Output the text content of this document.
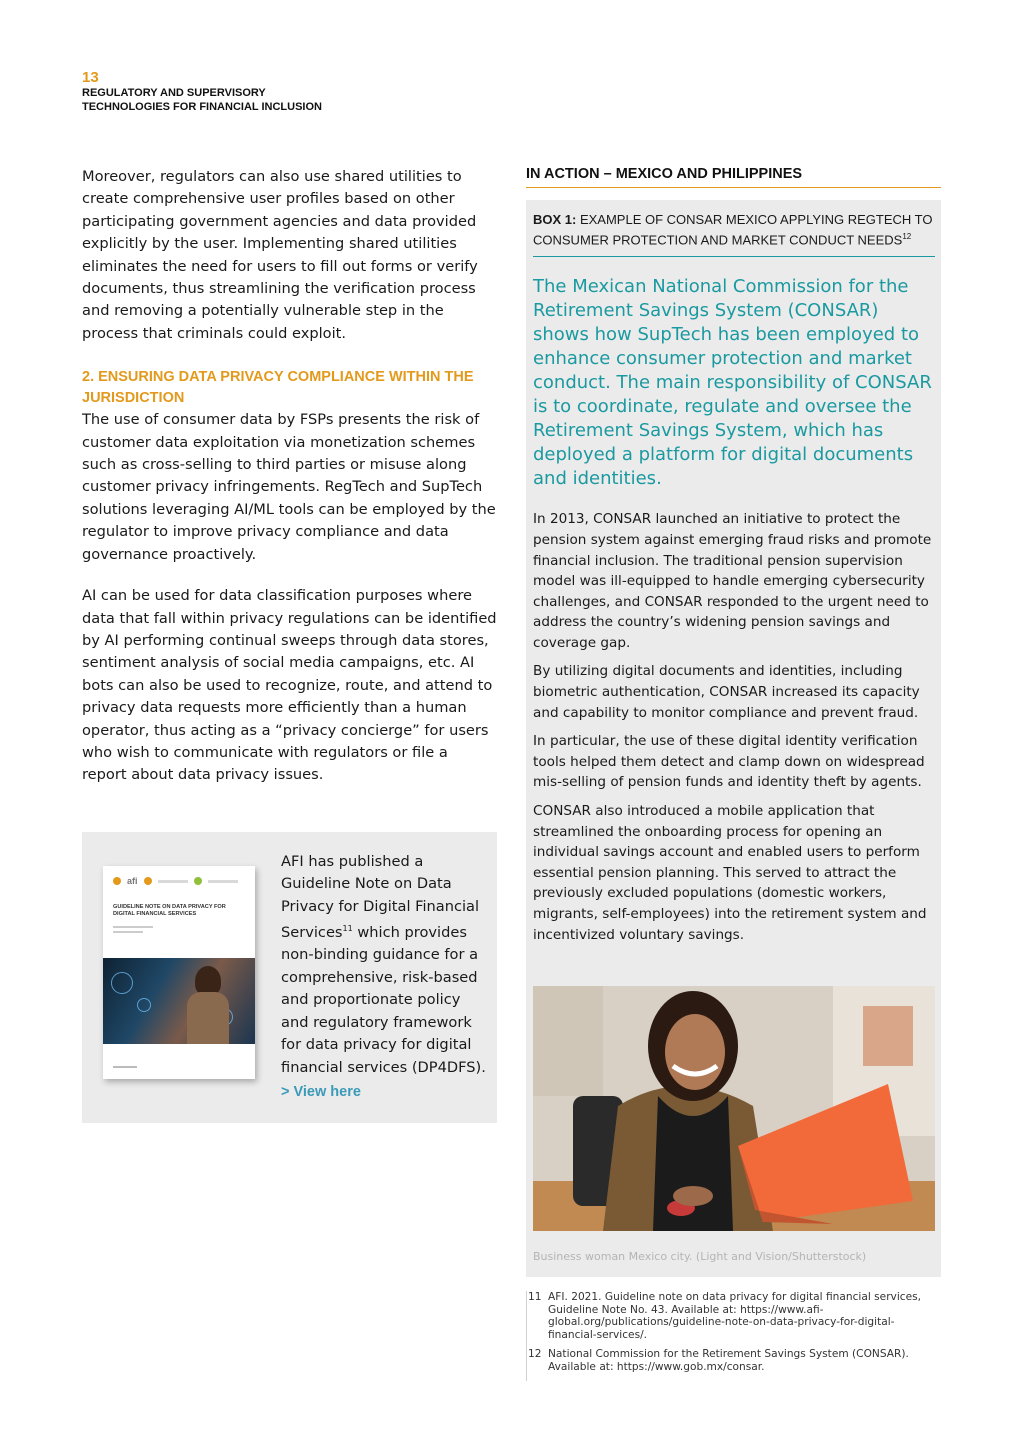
13
REGULATORY AND SUPERVISORY
TECHNOLOGIES FOR FINANCIAL INCLUSION

Moreover, regulators can also use shared utilities to create comprehensive user profiles based on other participating government agencies and data provided explicitly by the user. Implementing shared utilities eliminates the need for users to fill out forms or verify documents, thus streamlining the verification process and removing a potentially vulnerable step in the process that criminals could exploit.

2. ENSURING DATA PRIVACY COMPLIANCE WITHIN THE JURISDICTION

The use of consumer data by FSPs presents the risk of customer data exploitation via monetization schemes such as cross-selling to third parties or misuse along customer privacy infringements. RegTech and SupTech solutions leveraging AI/ML tools can be employed by the regulator to improve privacy compliance and data governance proactively.

AI can be used for data classification purposes where data that fall within privacy regulations can be identified by AI performing continual sweeps through data stores, sentiment analysis of social media campaigns, etc. AI bots can also be used to recognize, route, and attend to privacy data requests more efficiently than a human operator, thus acting as a “privacy concierge” for users who wish to communicate with regulators or file a report about data privacy issues.

afi
GUIDELINE NOTE ON DATA PRIVACY FOR DIGITAL FINANCIAL SERVICES

AFI has published a Guideline Note on Data Privacy for Digital Financial Services$^{11}$ which provides non-binding guidance for a comprehensive, risk-based and proportionate policy and regulatory framework for data privacy for digital financial services (DP4DFS).

> View here
IN ACTION – MEXICO AND PHILIPPINES
BOX 1: EXAMPLE OF CONSAR MEXICO APPLYING REGTECH TO CONSUMER PROTECTION AND MARKET CONDUCT NEEDS$^{12}$

The Mexican National Commission for the Retirement Savings System (CONSAR) shows how SupTech has been employed to enhance consumer protection and market conduct. The main responsibility of CONSAR is to coordinate, regulate and oversee the Retirement Savings System, which has deployed a platform for digital documents and identities.

In 2013, CONSAR launched an initiative to protect the pension system against emerging fraud risks and promote financial inclusion. The traditional pension supervision model was ill-equipped to handle emerging cybersecurity challenges, and CONSAR responded to the urgent need to address the country’s widening pension savings and coverage gap.

By utilizing digital documents and identities, including biometric authentication, CONSAR increased its capacity and capability to monitor compliance and prevent fraud.

In particular, the use of these digital identity verification tools helped them detect and clamp down on widespread mis-selling of pension funds and identity theft by agents.

CONSAR also introduced a mobile application that streamlined the onboarding process for opening an individual savings account and enabled users to perform essential pension planning. This served to attract the previously excluded populations (domestic workers, migrants, self-employees) into the retirement system and incentivized voluntary savings.

Business woman Mexico city. (Light and Vision/Shutterstock)
11 AFI. 2021. Guideline note on data privacy for digital financial services, Guideline Note No. 43. Available at: https://www.afi-global.org/publications/guideline-note-on-data-privacy-for-digital-financial-services/.
12 National Commission for the Retirement Savings System (CONSAR). Available at: https://www.gob.mx/consar.
